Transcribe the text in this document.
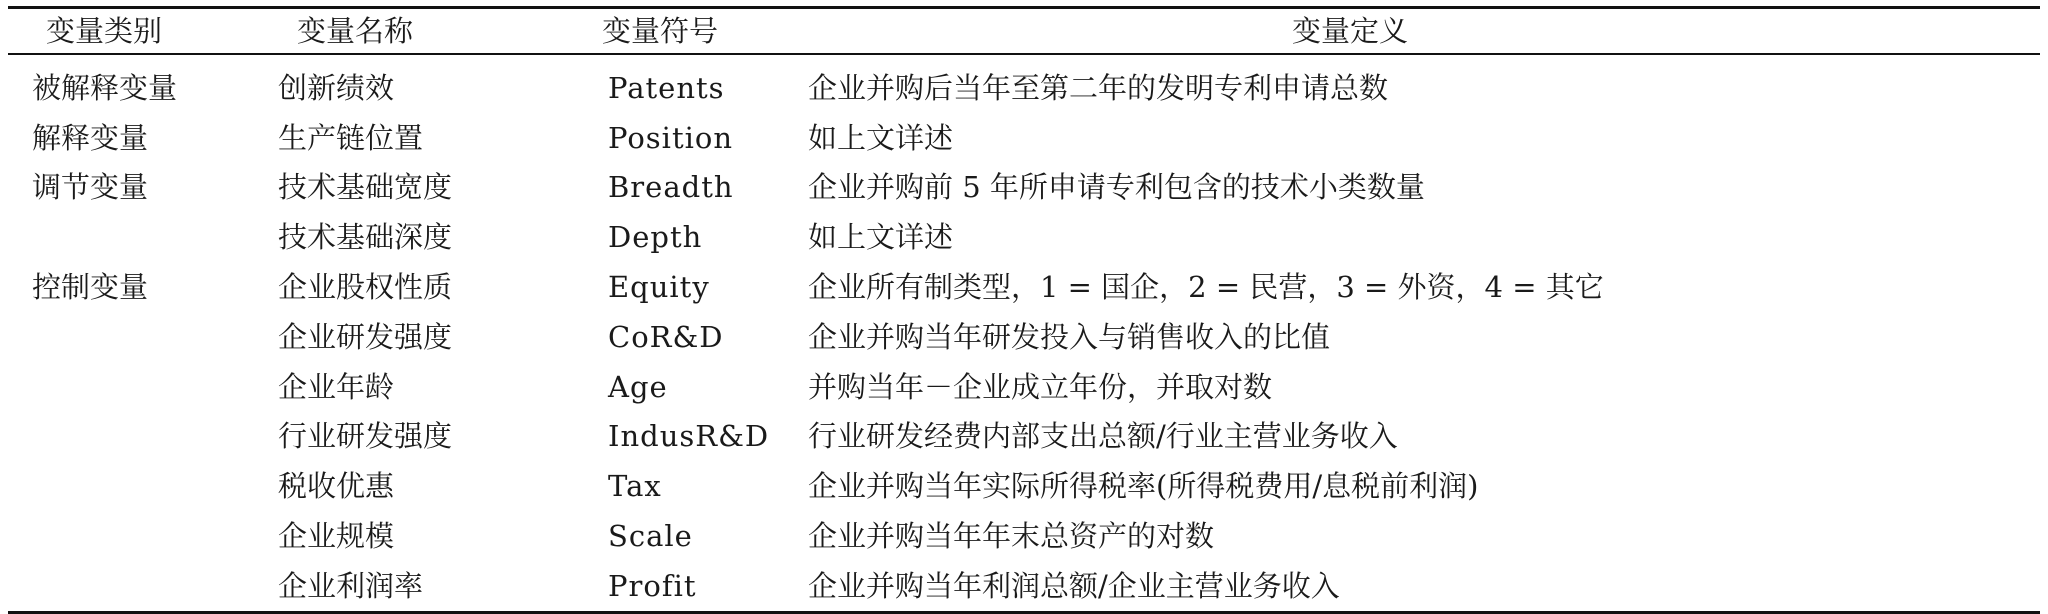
变量类别	变量名称	变量符号	变量定义
被解释变量	创新绩效	Patents	企业并购后当年至第二年的发明专利申请总数
解释变量	生产链位置	Position	如上文详述
调节变量	技术基础宽度	Breadth	企业并购前 5 年所申请专利包含的技术小类数量
	技术基础深度	Depth	如上文详述
控制变量	企业股权性质	Equity	企业所有制类型，1 = 国企，2 = 民营，3 = 外资，4 = 其它
	企业研发强度	CoR&D	企业并购当年研发投入与销售收入的比值
	企业年龄	Age	并购当年－企业成立年份，并取对数
	行业研发强度	IndusR&D	行业研发经费内部支出总额/行业主营业务收入
	税收优惠	Tax	企业并购当年实际所得税率(所得税费用/息税前利润)
	企业规模	Scale	企业并购当年年末总资产的对数
	企业利润率	Profit	企业并购当年利润总额/企业主营业务收入
